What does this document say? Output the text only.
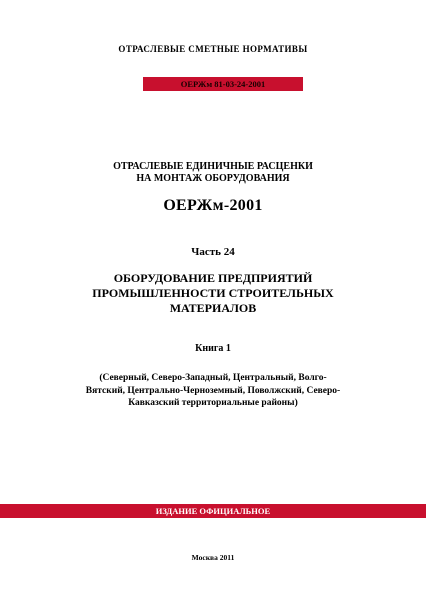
ОТРАСЛЕВЫЕ СМЕТНЫЕ НОРМАТИВЫ
ОЕРЖм 81-03-24-2001
ОТРАСЛЕВЫЕ ЕДИНИЧНЫЕ РАСЦЕНКИ
НА МОНТАЖ ОБОРУДОВАНИЯ
ОЕРЖм-2001
Часть 24
ОБОРУДОВАНИЕ ПРЕДПРИЯТИЙ
ПРОМЫШЛЕННОСТИ СТРОИТЕЛЬНЫХ
МАТЕРИАЛОВ
Книга 1
(Северный, Северо-Западный, Центральный, Волго-
Вятский, Центрально-Черноземный, Поволжский, Северо-
Кавказский территориальные районы)
ИЗДАНИЕ ОФИЦИАЛЬНОЕ
Москва 2011
